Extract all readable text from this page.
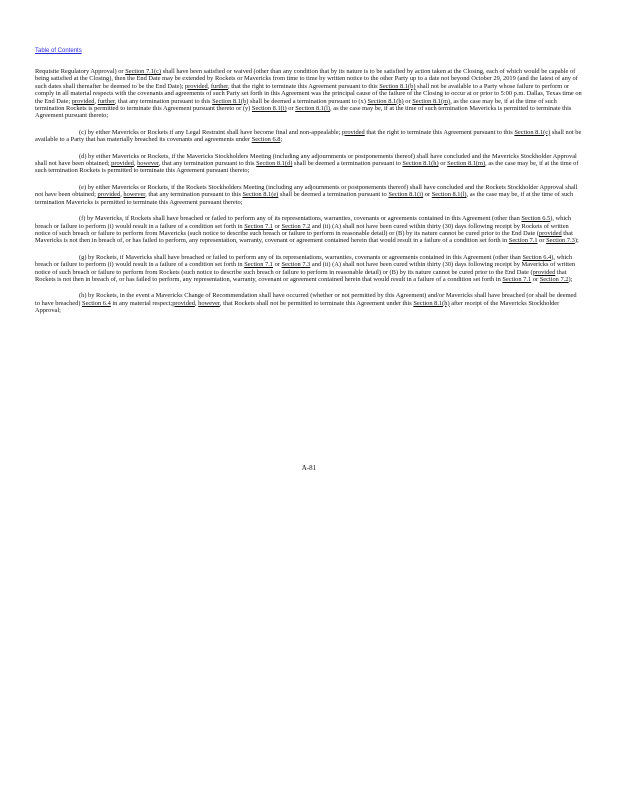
Table of Contents

Requisite Regulatory Approval) or Section 7.1(c) shall have been satisfied or waived (other than any condition that by its nature is to be satisfied by action taken at the Closing, each of which would be capable of being satisfied at the Closing), then the End Date may be extended by Rockets or Mavericks from time to time by written notice to the other Party up to a date not beyond October 29, 2019 (and the latest of any of such dates shall thereafter be deemed to be the End Date); provided, further, that the right to terminate this Agreement pursuant to this Section 8.1(b) shall not be available to a Party whose failure to perform or comply in all material respects with the covenants and agreements of such Party set forth in this Agreement was the principal cause of the failure of the Closing to occur at or prior to 5:00 p.m. Dallas, Texas time on the End Date; provided, further, that any termination pursuant to this Section 8.1(b) shall be deemed a termination pursuant to (x) Section 8.1(h) or Section 8.1(m), as the case may be, if at the time of such termination Rockets is permitted to terminate this Agreement pursuant thereto or (y) Section 8.1(i) or Section 8.1(l), as the case may be, if at the time of such termination Mavericks is permitted to terminate this Agreement pursuant thereto;

(c) by either Mavericks or Rockets if any Legal Restraint shall have become final and non-appealable; provided that the right to terminate this Agreement pursuant to this Section 8.1(c) shall not be available to a Party that has materially breached its covenants and agreements under Section 6.8;

(d) by either Mavericks or Rockets, if the Mavericks Stockholders Meeting (including any adjournments or postponements thereof) shall have concluded and the Mavericks Stockholder Approval shall not have been obtained; provided, however, that any termination pursuant to this Section 8.1(d) shall be deemed a termination pursuant to Section 8.1(h) or Section 8.1(m), as the case may be, if at the time of such termination Rockets is permitted to terminate this Agreement pursuant thereto;

(e) by either Mavericks or Rockets, if the Rockets Stockholders Meeting (including any adjournments or postponements thereof) shall have concluded and the Rockets Stockholder Approval shall not have been obtained; provided, however, that any termination pursuant to this Section 8.1(e) shall be deemed a termination pursuant to Section 8.1(i) or Section 8.1(l), as the case may be, if at the time of such termination Mavericks is permitted to terminate this Agreement pursuant thereto;

(f) by Mavericks, if Rockets shall have breached or failed to perform any of its representations, warranties, covenants or agreements contained in this Agreement (other than Section 6.5), which breach or failure to perform (i) would result in a failure of a condition set forth in Section 7.1 or Section 7.2 and (ii) (A) shall not have been cured within thirty (30) days following receipt by Rockets of written notice of such breach or failure to perform from Mavericks (such notice to describe such breach or failure to perform in reasonable detail) or (B) by its nature cannot be cured prior to the End Date (provided that Mavericks is not then in breach of, or has failed to perform, any representation, warranty, covenant or agreement contained herein that would result in a failure of a condition set forth in Section 7.1 or Section 7.3);

(g) by Rockets, if Mavericks shall have breached or failed to perform any of its representations, warranties, covenants or agreements contained in this Agreement (other than Section 6.4), which breach or failure to perform (i) would result in a failure of a condition set forth in Section 7.1 or Section 7.3 and (ii) (A) shall not have been cured within thirty (30) days following receipt by Mavericks of written notice of such breach or failure to perform from Rockets (such notice to describe such breach or failure to perform in reasonable detail) or (B) by its nature cannot be cured prior to the End Date (provided that Rockets is not then in breach of, or has failed to perform, any representation, warranty, covenant or agreement contained herein that would result in a failure of a condition set forth in Section 7.1 or Section 7.2);

(h) by Rockets, in the event a Mavericks Change of Recommendation shall have occurred (whether or not permitted by this Agreement) and/or Mavericks shall have breached (or shall be deemed to have breached) Section 6.4 in any material respect;provided, however, that Rockets shall not be permitted to terminate this Agreement under this Section 8.1(h) after receipt of the Mavericks Stockholder Approval;

A-81
